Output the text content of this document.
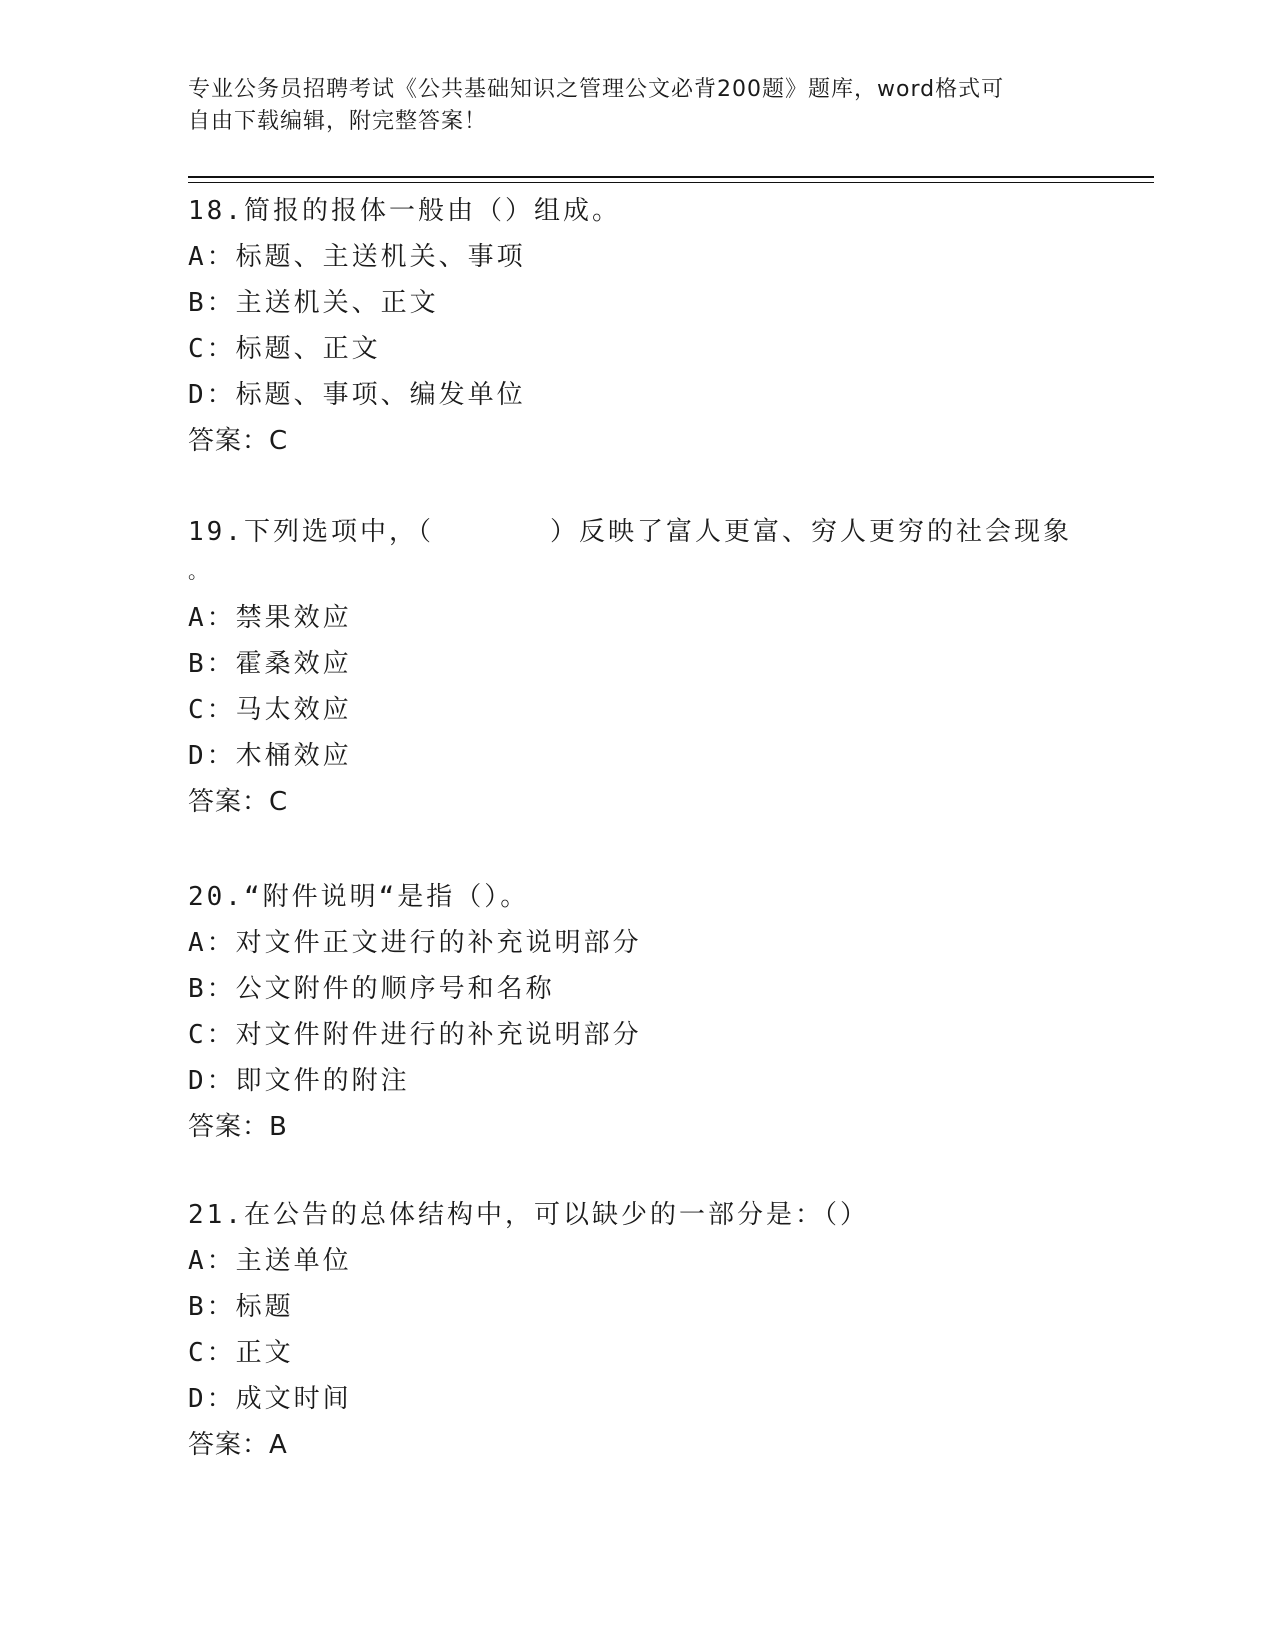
专业公务员招聘考试《公共基础知识之管理公文必背200题》题库，word格式可
自由下载编辑，附完整答案！
18.简报的报体一般由（）组成。
A：标题、主送机关、事项
B：主送机关、正文
C：标题、正文
D：标题、事项、编发单位
答案：C
19.下列选项中，（　　　　）反映了富人更富、穷人更穷的社会现象
。
A：禁果效应
B：霍桑效应
C：马太效应
D：木桶效应
答案：C
20.“附件说明“是指（）。
A：对文件正文进行的补充说明部分
B：公文附件的顺序号和名称
C：对文件附件进行的补充说明部分
D：即文件的附注
答案：B
21.在公告的总体结构中，可以缺少的一部分是：（）
A：主送单位
B：标题
C：正文
D：成文时间
答案：A
